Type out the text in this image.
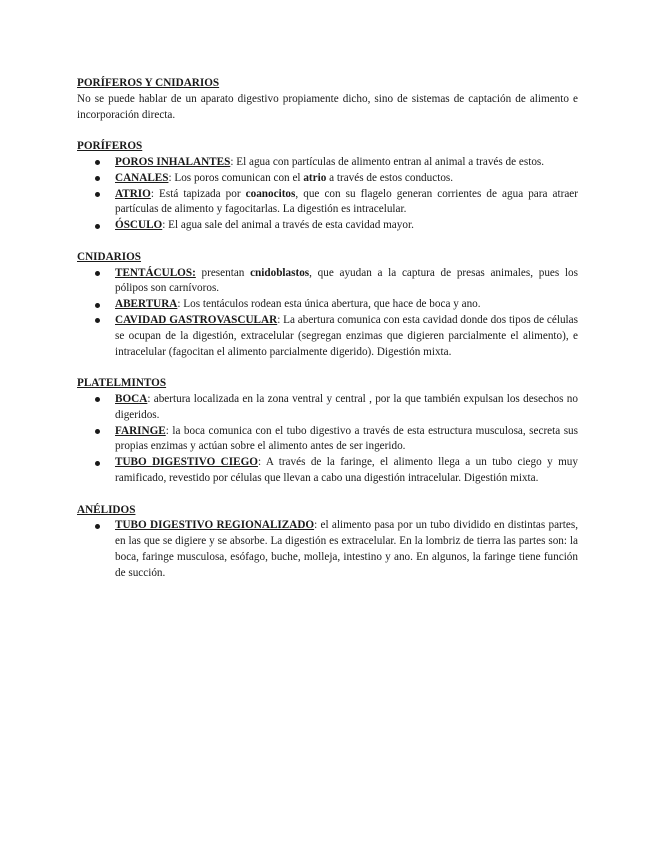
PORÍFEROS Y CNIDARIOS

No se puede hablar de un aparato digestivo propiamente dicho, sino de sistemas de captación de alimento e incorporación directa.

PORÍFEROS

POROS INHALANTES: El agua con partículas de alimento entran al animal a través de estos.
CANALES: Los poros comunican con el atrio a través de estos conductos.
ATRIO: Está tapizada por coanocitos, que con su flagelo generan corrientes de agua para atraer partículas de alimento y fagocitarlas. La digestión es intracelular.
ÓSCULO: El agua sale del animal a través de esta cavidad mayor.

CNIDARIOS

TENTÁCULOS: presentan cnidoblastos, que ayudan a la captura de presas animales, pues los pólipos son carnívoros.
ABERTURA: Los tentáculos rodean esta única abertura, que hace de boca y ano.
CAVIDAD GASTROVASCULAR: La abertura comunica con esta cavidad donde dos tipos de células se ocupan de la digestión, extracelular (segregan enzimas que digieren parcialmente el alimento), e intracelular (fagocitan el alimento parcialmente digerido). Digestión mixta.

PLATELMINTOS

BOCA: abertura localizada en la zona ventral y central , por la que también expulsan los desechos no digeridos.
FARINGE: la boca comunica con el tubo digestivo a través de esta estructura musculosa, secreta sus propias enzimas y actúan sobre el alimento antes de ser ingerido.
TUBO DIGESTIVO CIEGO: A través de la faringe, el alimento llega a un tubo ciego y muy ramificado, revestido por células que llevan a cabo una digestión intracelular. Digestión mixta.

ANÉLIDOS

TUBO DIGESTIVO REGIONALIZADO: el alimento pasa por un tubo dividido en distintas partes, en las que se digiere y se absorbe. La digestión es extracelular. En la lombriz de tierra las partes son: la boca, faringe musculosa, esófago, buche, molleja, intestino y ano. En algunos, la faringe tiene función de succión.
